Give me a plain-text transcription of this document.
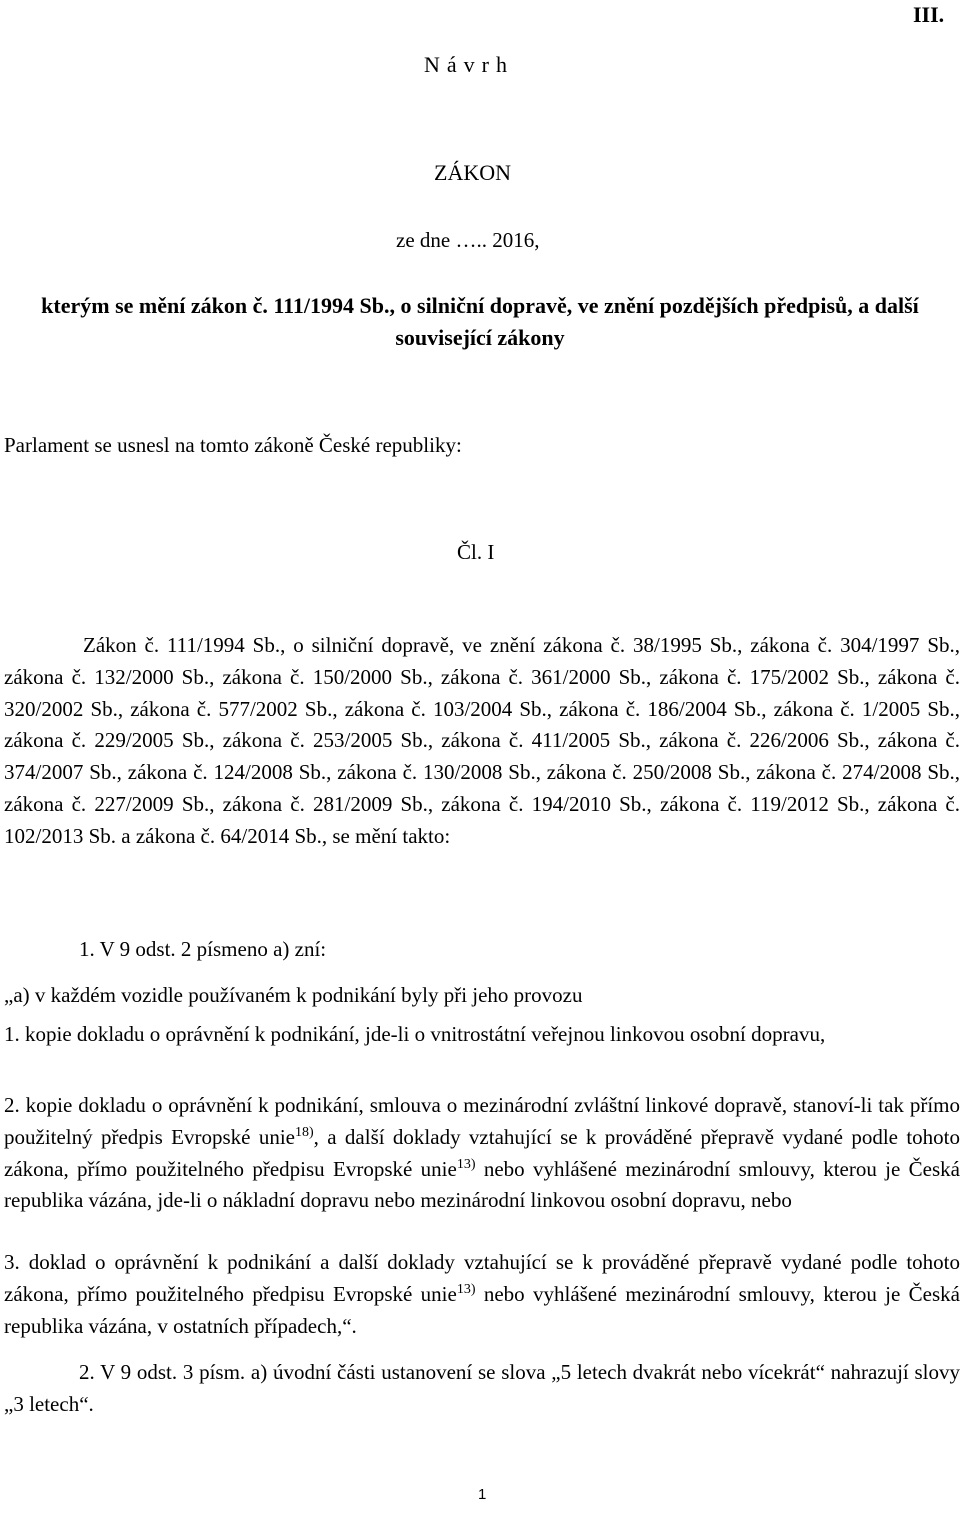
III.
Návrh
ZÁKON
ze dne ….. 2016,
kterým se mění zákon č. 111/1994 Sb., o silniční dopravě, ve znění pozdějších předpisů, a další související zákony
Parlament se usnesl na tomto zákoně České republiky:
Čl. I
Zákon č. 111/1994 Sb., o silniční dopravě, ve znění zákona č. 38/1995 Sb., zákona č. 304/1997 Sb., zákona č. 132/2000 Sb., zákona č. 150/2000 Sb., zákona č. 361/2000 Sb., zákona č. 175/2002 Sb., zákona č. 320/2002 Sb., zákona č. 577/2002 Sb., zákona č. 103/2004 Sb., zákona č. 186/2004 Sb., zákona č. 1/2005 Sb., zákona č. 229/2005 Sb., zákona č. 253/2005 Sb., zákona č. 411/2005 Sb., zákona č. 226/2006 Sb., zákona č. 374/2007 Sb., zákona č. 124/2008 Sb., zákona č. 130/2008 Sb., zákona č. 250/2008 Sb., zákona č. 274/2008 Sb., zákona č. 227/2009 Sb., zákona č. 281/2009 Sb., zákona č. 194/2010 Sb., zákona č. 119/2012 Sb., zákona č. 102/2013 Sb. a zákona č. 64/2014 Sb., se mění takto:
1. V 9 odst. 2 písmeno a) zní:
„a) v každém vozidle používaném k podnikání byly při jeho provozu
1. kopie dokladu o oprávnění k podnikání, jde-li o vnitrostátní veřejnou linkovou osobní dopravu,
2. kopie dokladu o oprávnění k podnikání, smlouva o mezinárodní zvláštní linkové dopravě, stanoví-li tak přímo použitelný předpis Evropské unie$^{18)}$, a další doklady vztahující se k prováděné přepravě vydané podle tohoto zákona, přímo použitelného předpisu Evropské unie$^{13)}$ nebo vyhlášené mezinárodní smlouvy, kterou je Česká republika vázána, jde-li o nákladní dopravu nebo mezinárodní linkovou osobní dopravu, nebo
3. doklad o oprávnění k podnikání a další doklady vztahující se k prováděné přepravě vydané podle tohoto zákona, přímo použitelného předpisu Evropské unie$^{13)}$ nebo vyhlášené mezinárodní smlouvy, kterou je Česká republika vázána, v ostatních případech,“.
2. V 9 odst. 3 písm. a) úvodní části ustanovení se slova „5 letech dvakrát nebo vícekrát“ nahrazují slovy „3 letech“.
1
